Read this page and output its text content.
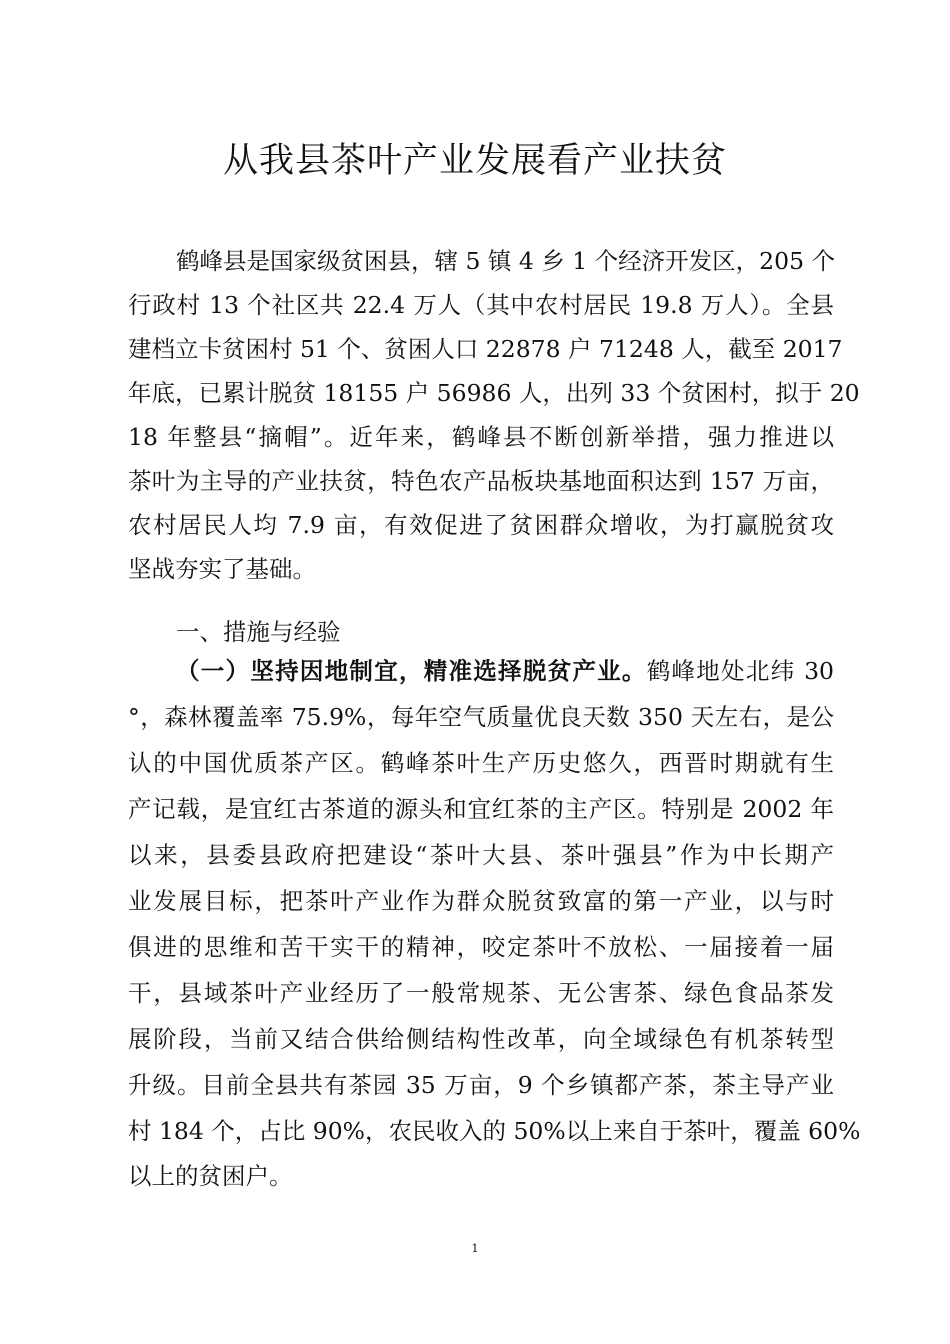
从我县茶叶产业发展看产业扶贫

鹤峰县是国家级贫困县，辖 5 镇 4 乡 1 个经济开发区，205 个

行政村 13 个社区共 22.4 万人（其中农村居民 19.8 万人）。全县

建档立卡贫困村 51 个、贫困人口 22878 户 71248 人，截至 2017

年底，已累计脱贫 18155 户 56986 人，出列 33 个贫困村，拟于 20

18 年整县“摘帽”。近年来，鹤峰县不断创新举措，强力推进以

茶叶为主导的产业扶贫，特色农产品板块基地面积达到 157 万亩，

农村居民人均 7.9 亩，有效促进了贫困群众增收，为打赢脱贫攻

坚战夯实了基础。

一、措施与经验

（一）坚持因地制宜，精准选择脱贫产业。鹤峰地处北纬 30

°，森林覆盖率 75.9%，每年空气质量优良天数 350 天左右，是公

认的中国优质茶产区。鹤峰茶叶生产历史悠久，西晋时期就有生

产记载，是宜红古茶道的源头和宜红茶的主产区。特别是 2002 年

以来，县委县政府把建设“茶叶大县、茶叶强县”作为中长期产

业发展目标，把茶叶产业作为群众脱贫致富的第一产业，以与时

俱进的思维和苦干实干的精神，咬定茶叶不放松、一届接着一届

干，县域茶叶产业经历了一般常规茶、无公害茶、绿色食品茶发

展阶段，当前又结合供给侧结构性改革，向全域绿色有机茶转型

升级。目前全县共有茶园 35 万亩，9 个乡镇都产茶，茶主导产业

村 184 个，占比 90%，农民收入的 50%以上来自于茶叶，覆盖 60%

以上的贫困户。

1
